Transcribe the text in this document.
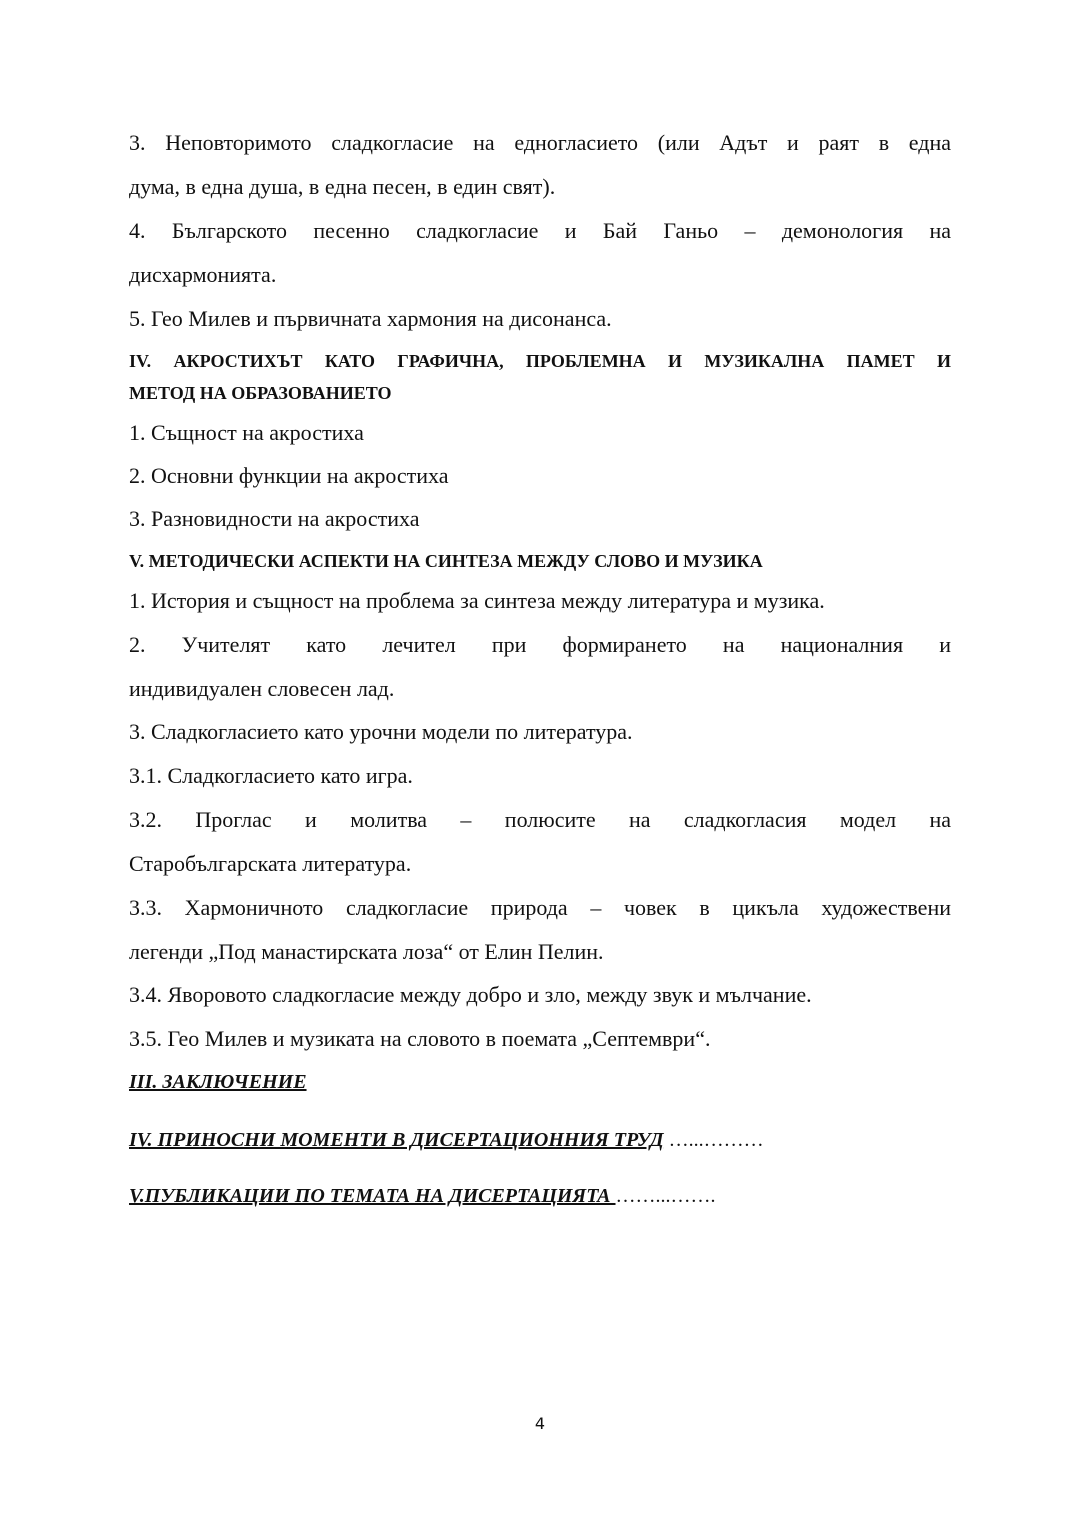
3. Неповторимото сладкогласие на едногласието (или Адът и раят в една
дума, в една душа, в една песен, в един свят).
4. Българското песенно сладкогласие и Бай Ганьо – демонология на
дисхармонията.
5. Гео Милев и първичната хармония на дисонанса.
IV. АКРОСТИХЪТ КАТО ГРАФИЧНА, ПРОБЛЕМНА И МУЗИКАЛНА ПАМЕТ И
МЕТОД НА ОБРАЗОВАНИЕТО
1. Същност на акростиха
2. Основни функции на акростиха
3. Разновидности на акростиха
V. МЕТОДИЧЕСКИ АСПЕКТИ НА СИНТЕЗА МЕЖДУ СЛОВО И МУЗИКА
1. История и същност на проблема за синтеза между литература и музика.
2. Учителят като лечител при формирането на националния и
индивидуален словесен лад.
3. Сладкогласието като урочни модели по литература.
3.1. Сладкогласието като игра.
3.2. Проглас и молитва – полюсите на сладкогласия модел на
Старобългарската литература.
3.3. Хармоничното сладкогласие природа – човек в цикъла художествени
легенди „Под манастирската лоза“ от Елин Пелин.
3.4. Яворовото сладкогласие между добро и зло, между звук и мълчание.
3.5. Гео Милев и музиката на словото в поемата „Септември“.
III. ЗАКЛЮЧЕНИЕ
IV. ПРИНОСНИ МОМЕНТИ В ДИСЕРТАЦИОННИЯ ТРУД …...………
V.ПУБЛИКАЦИИ ПО ТЕМАТА НА ДИСЕРТАЦИЯТА ……...…….
4
